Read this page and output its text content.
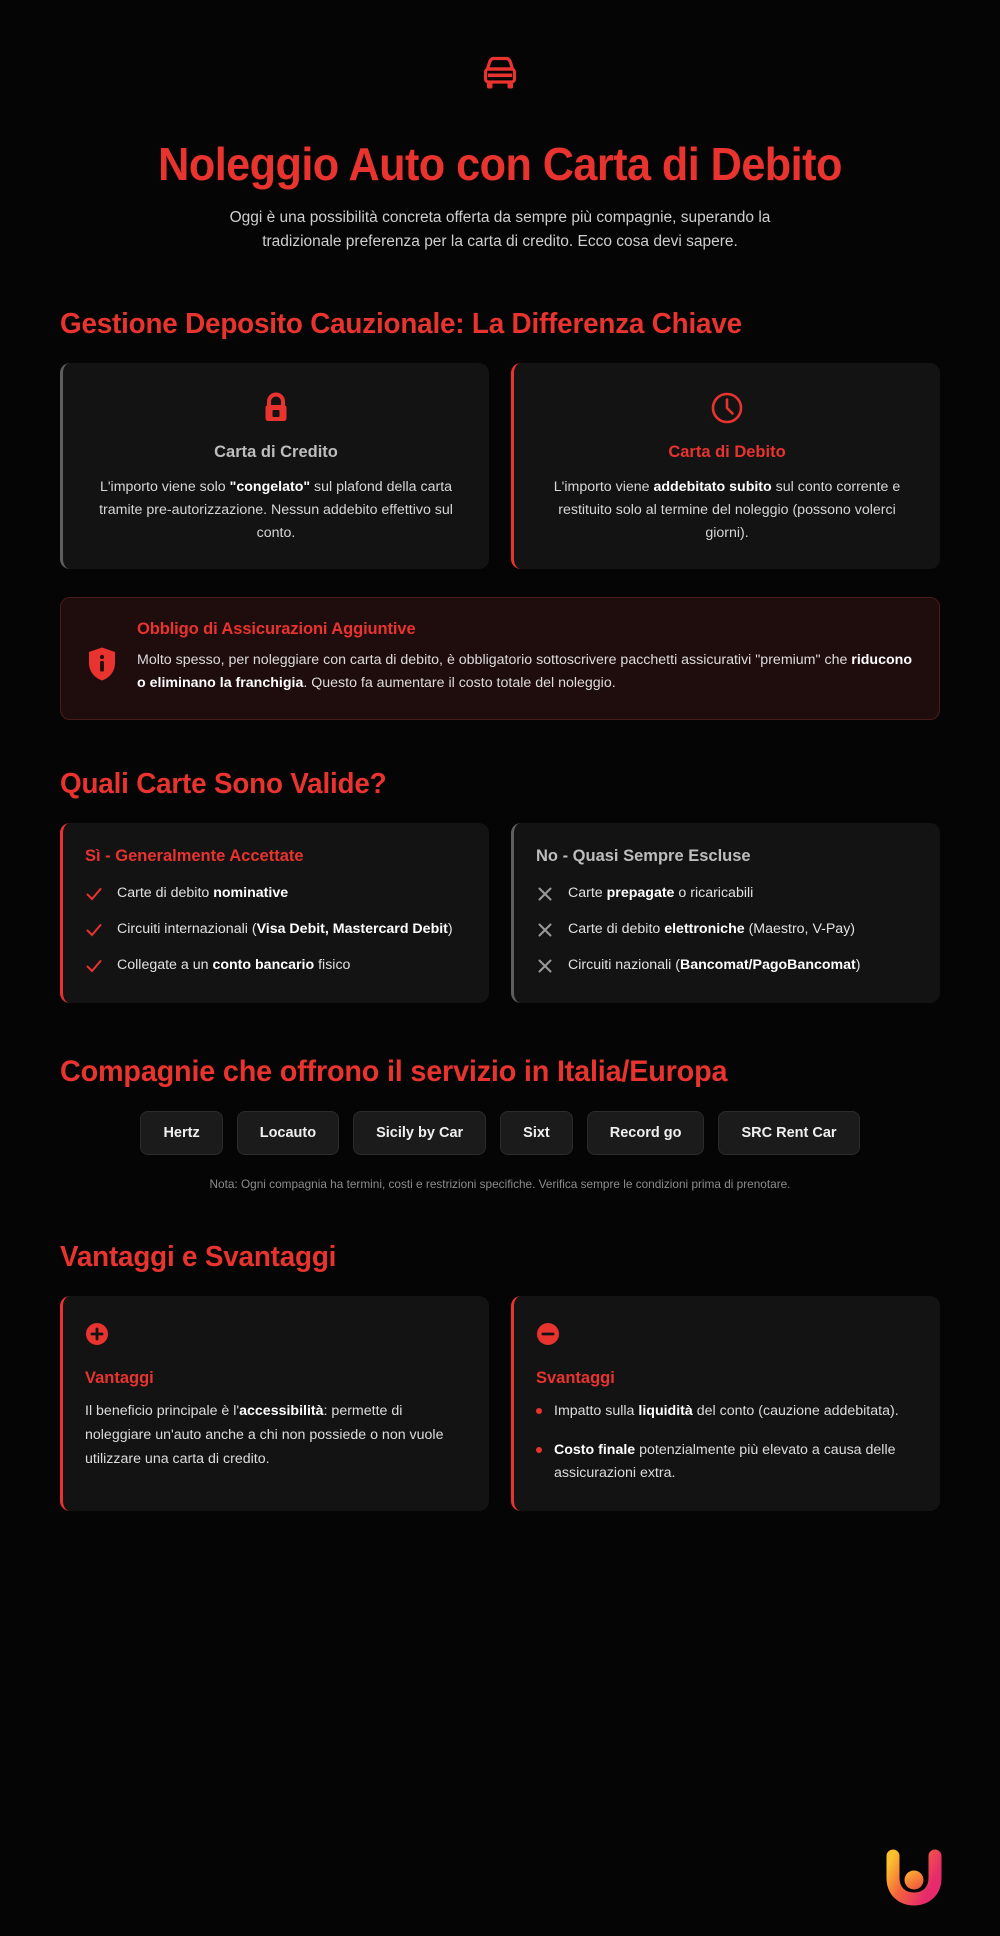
Noleggio Auto con Carta di Debito

Oggi è una possibilità concreta offerta da sempre più compagnie, superando la tradizionale preferenza per la carta di credito. Ecco cosa devi sapere.

Gestione Deposito Cauzionale: La Differenza Chiave
Carta di Credito

L'importo viene solo "congelato" sul plafond della carta tramite pre-autorizzazione. Nessun addebito effettivo sul conto.

Carta di Debito

L'importo viene addebitato subito sul conto corrente e restituito solo al termine del noleggio (possono volerci giorni).

Obbligo di Assicurazioni Aggiuntive

Molto spesso, per noleggiare con carta di debito, è obbligatorio sottoscrivere pacchetti assicurativi "premium" che riducono o eliminano la franchigia. Questo fa aumentare il costo totale del noleggio.

Quali Carte Sono Valide?
Sì - Generalmente Accettate
Carte di debito nominative
Circuiti internazionali (Visa Debit, Mastercard Debit)
Collegate a un conto bancario fisico
No - Quasi Sempre Escluse
Carte prepagate o ricaricabili
Carte di debito elettroniche (Maestro, V-Pay)
Circuiti nazionali (Bancomat/PagoBancomat)
Compagnie che offrono il servizio in Italia/Europa
Hertz	Locauto	Sicily by Car	Sixt	Record go	SRC Rent Car
Nota: Ogni compagnia ha termini, costi e restrizioni specifiche. Verifica sempre le condizioni prima di prenotare.
Vantaggi e Svantaggi
Vantaggi

Il beneficio principale è l'accessibilità: permette di noleggiare un'auto anche a chi non possiede o non vuole utilizzare una carta di credito.

Svantaggi
Impatto sulla liquidità del conto (cauzione addebitata).
Costo finale potenzialmente più elevato a causa delle assicurazioni extra.
